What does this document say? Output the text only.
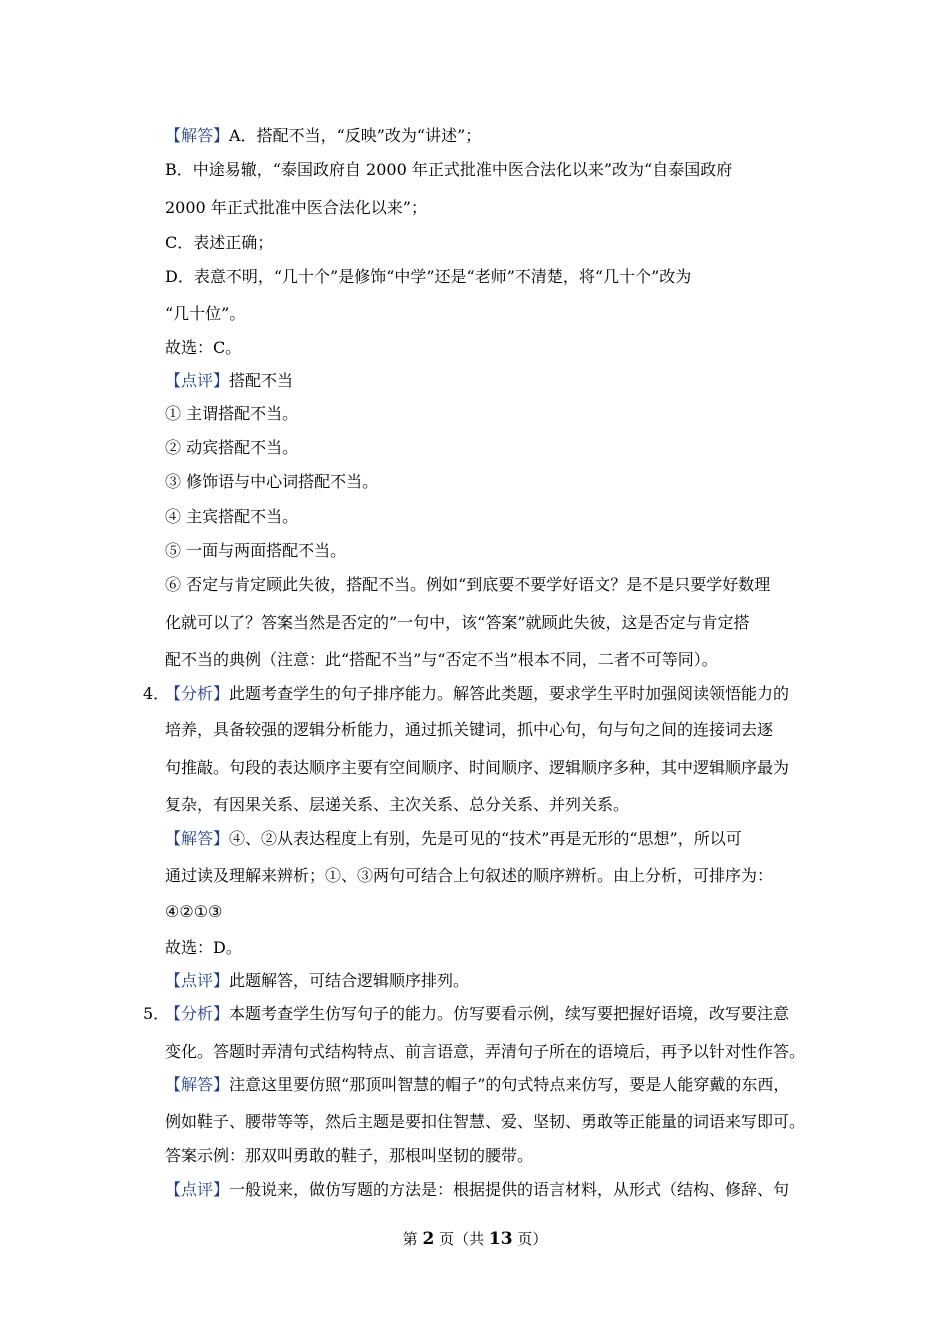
【解答】A．搭配不当，“反映”改为“讲述”；
B．中途易辙，“泰国政府自 2000 年正式批准中医合法化以来”改为“自泰国政府
2000 年正式批准中医合法化以来”；
C．表述正确；
D．表意不明，“几十个”是修饰“中学”还是“老师”不清楚，将“几十个”改为
“几十位”。
故选：C。
【点评】搭配不当
① 主谓搭配不当。
② 动宾搭配不当。
③ 修饰语与中心词搭配不当。
④ 主宾搭配不当。
⑤ 一面与两面搭配不当。
⑥ 否定与肯定顾此失彼，搭配不当。例如“到底要不要学好语文？是不是只要学好数理
化就可以了？答案当然是否定的”一句中，该“答案”就顾此失彼，这是否定与肯定搭
配不当的典例（注意：此“搭配不当”与“否定不当”根本不同，二者不可等同）。
4．
【分析】此题考查学生的句子排序能力。解答此类题，要求学生平时加强阅读领悟能力的
培养，具备较强的逻辑分析能力，通过抓关键词，抓中心句，句与句之间的连接词去逐
句推敲。句段的表达顺序主要有空间顺序、时间顺序、逻辑顺序多种，其中逻辑顺序最为
复杂，有因果关系、层递关系、主次关系、总分关系、并列关系。
【解答】④、②从表达程度上有别，先是可见的“技术”再是无形的“思想”，所以可
通过读及理解来辨析；①、③两句可结合上句叙述的顺序辨析。由上分析，可排序为：
④②①③
故选：D。
【点评】此题解答，可结合逻辑顺序排列。
5．
【分析】本题考查学生仿写句子的能力。仿写要看示例，续写要把握好语境，改写要注意
变化。答题时弄清句式结构特点、前言语意，弄清句子所在的语境后，再予以针对性作答。
【解答】注意这里要仿照“那顶叫智慧的帽子”的句式特点来仿写，要是人能穿戴的东西，
例如鞋子、腰带等等，然后主题是要扣住智慧、爱、坚韧、勇敢等正能量的词语来写即可。
答案示例：那双叫勇敢的鞋子，那根叫坚韧的腰带。
【点评】一般说来，做仿写题的方法是：根据提供的语言材料，从形式（结构、修辞、句
第 2 页（共 13 页）
